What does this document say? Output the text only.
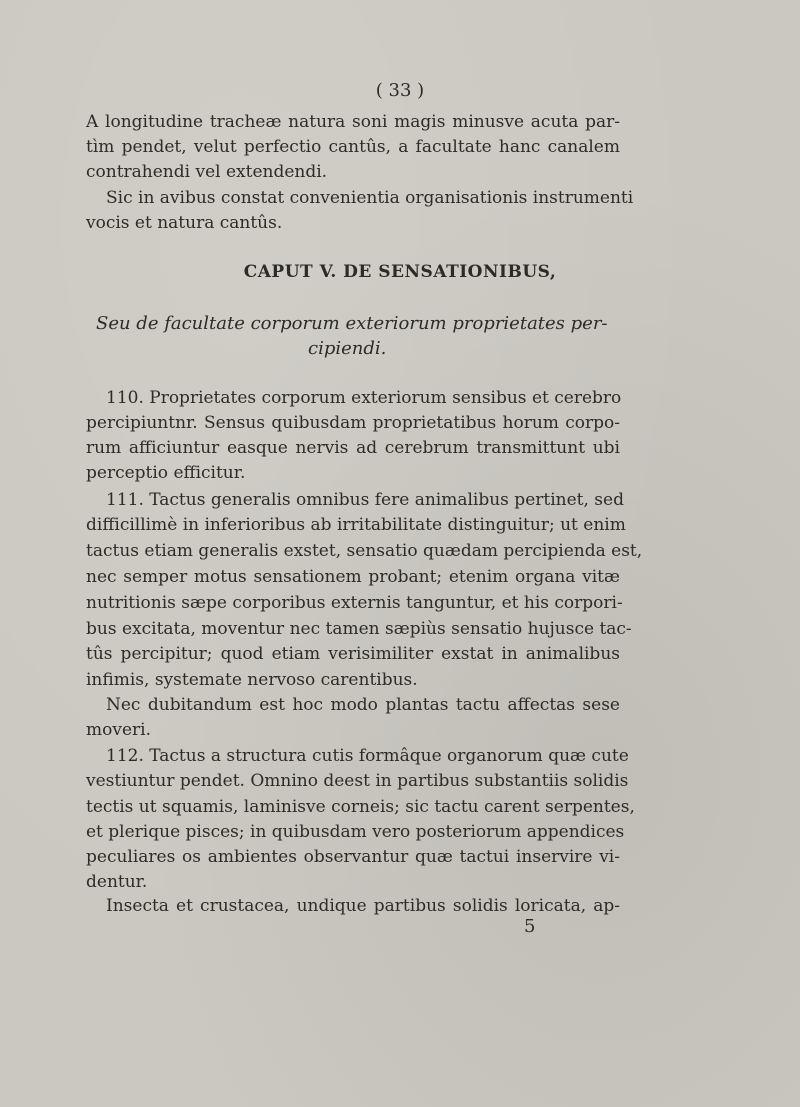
( 33 )
A longitudine tracheæ natura soni magis minusve acuta par-
tìm pendet, velut perfectio cantûs, a facultate hanc canalem
contrahendi vel extendendi.
Sic in avibus constat convenientia organisationis instrumenti
vocis et natura cantûs.
CAPUT V. DE SENSATIONIBUS,
Seu de facultate corporum exteriorum proprietates per-
cipiendi.
110. Proprietates corporum exteriorum sensibus et cerebro
percipiuntnr. Sensus quibusdam proprietatibus horum corpo-
rum afficiuntur easque nervis ad cerebrum transmittunt ubi
perceptio efficitur.
111. Tactus generalis omnibus fere animalibus pertinet, sed
difficillimè in inferioribus ab irritabilitate distinguitur; ut enim
tactus etiam generalis exstet, sensatio quædam percipienda est,
nec semper motus sensationem probant; etenim organa vitæ
nutritionis sæpe corporibus externis tanguntur, et his corpori-
bus excitata, moventur nec tamen sæpiùs sensatio hujusce tac-
tûs percipitur; quod etiam verisimiliter exstat in animalibus
infimis, systemate nervoso carentibus.
Nec dubitandum est hoc modo plantas tactu affectas sese
moveri.
112. Tactus a structura cutis formâque organorum quæ cute
vestiuntur pendet. Omnino deest in partibus substantiis solidis
tectis ut squamis, laminisve corneis; sic tactu carent serpentes,
et plerique pisces; in quibusdam vero posteriorum appendices
peculiares os ambientes observantur quæ tactui inservire vi-
dentur.
Insecta et crustacea, undique partibus solidis loricata, ap-
5
